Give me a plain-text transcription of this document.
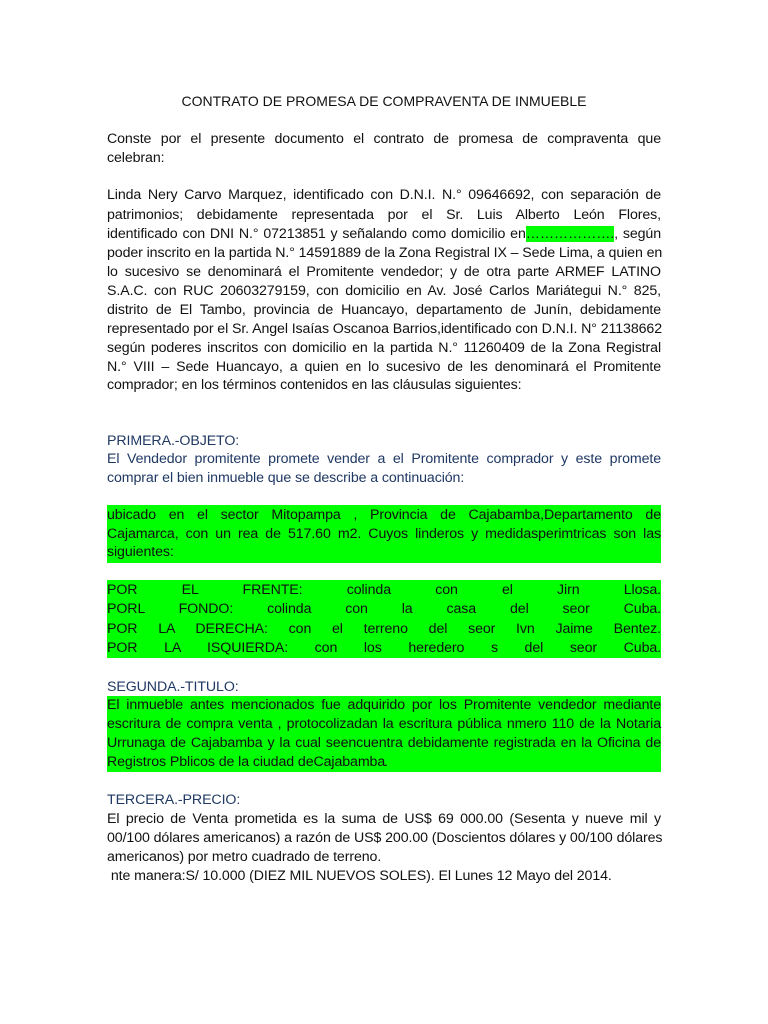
CONTRATO DE PROMESA DE COMPRAVENTA DE INMUEBLE
Conste por el presente documento el contrato de promesa de compraventa que
celebran:
Linda Nery Carvo Marquez, identificado con D.N.I. N.° 09646692, con separación de
patrimonios; debidamente representada por el Sr. Luis Alberto León Flores,
identificado con DNI N.° 07213851 y señalando como domicilio en………………., según
poder inscrito en la partida N.° 14591889 de la Zona Registral IX – Sede Lima, a quien en
lo sucesivo se denominará el Promitente vendedor; y de otra parte ARMEF LATINO
S.A.C. con RUC 20603279159, con domicilio en Av. José Carlos Mariátegui N.° 825,
distrito de El Tambo, provincia de Huancayo, departamento de Junín, debidamente
representado por el Sr. Angel Isaías Oscanoa Barrios,identificado con D.N.I. N° 21138662
según poderes inscritos con domicilio en la partida N.° 11260409 de la Zona Registral
N.° VIII – Sede Huancayo, a quien en lo sucesivo de les denominará el Promitente
comprador; en los términos contenidos en las cláusulas siguientes:
PRIMERA.-OBJETO:
El Vendedor promitente promete vender a el Promitente comprador y este promete
comprar el bien inmueble que se describe a continuación:
ubicado en el sector Mitopampa , Provincia de Cajabamba,Departamento de
Cajamarca, con un rea de 517.60 m2. Cuyos linderos y medidasperimtricas son las
siguientes:
POR EL FRENTE: colinda con el Jirn Llosa.
PORL FONDO: colinda con la casa del seor Cuba.
POR LA DERECHA: con el terreno del seor Ivn Jaime Bentez.
POR LA ISQUIERDA: con los heredero s del seor Cuba.
SEGUNDA.-TITULO:
El inmueble antes mencionados fue adquirido por los Promitente vendedor mediante
escritura de compra venta , protocolizadan la escritura pública nmero 110 de la Notaria
Urrunaga de Cajabamba y la cual seencuentra debidamente registrada en la Oficina de
Registros Pblicos de la ciudad deCajabamba
.
TERCERA.-PRECIO:
El precio de Venta prometida es la suma de US$ 69 000.00 (Sesenta y nueve mil y
00/100 dólares americanos) a razón de US$ 200.00 (Doscientos dólares y 00/100 dólares
americanos) por metro cuadrado de terreno.
nte manera:S/ 10.000 (DIEZ MIL NUEVOS SOLES). El Lunes 12 Mayo del 2014.
